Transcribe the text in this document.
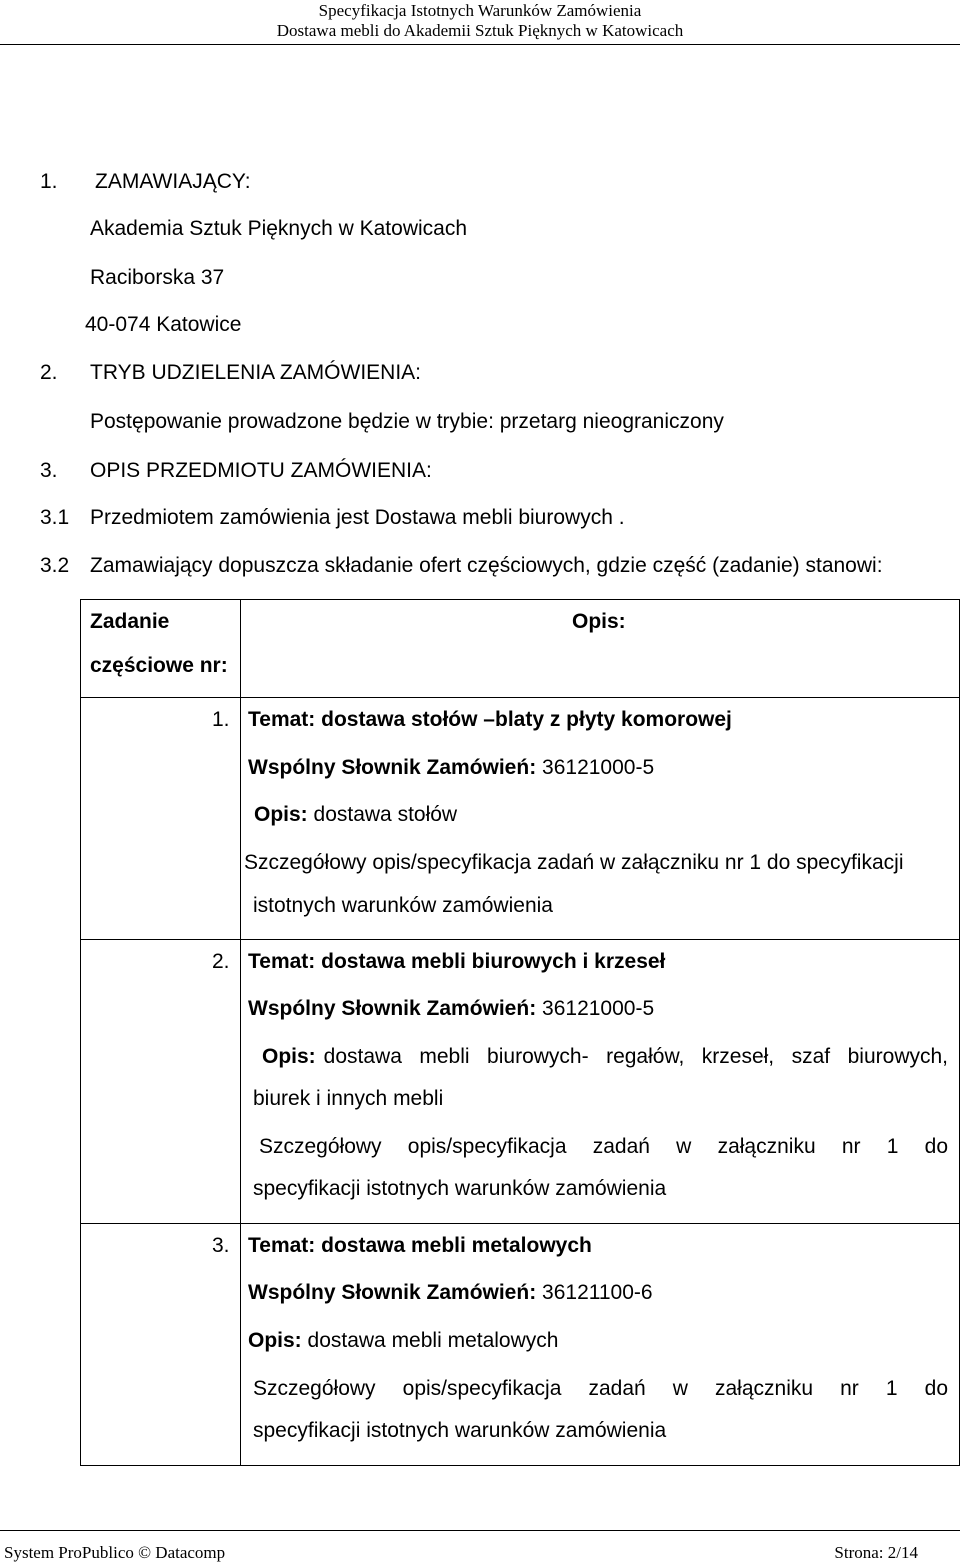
Specyfikacja Istotnych Warunków Zamówienia
Dostawa mebli do Akademii Sztuk Pięknych w Katowicach
1. ZAMAWIAJĄCY:
Akademia Sztuk Pięknych w Katowicach
Raciborska 37
40-074 Katowice
2. TRYB UDZIELENIA ZAMÓWIENIA:
Postępowanie prowadzone będzie w trybie: przetarg nieograniczony
3. OPIS PRZEDMIOTU ZAMÓWIENIA:
3.1 Przedmiotem zamówienia jest Dostawa mebli biurowych .
3.2 Zamawiający dopuszcza składanie ofert częściowych, gdzie część (zadanie) stanowi:
Zadanie
częściowe nr:
Opis:
1. Temat: dostawa stołów –blaty z płyty komorowej
Wspólny Słownik Zamówień: 36121000-5
Opis: dostawa stołów
Szczegółowy opis/specyfikacja zadań w załączniku nr 1 do specyfikacji
istotnych warunków zamówienia
2. Temat: dostawa mebli biurowych i krzeseł
Wspólny Słownik Zamówień: 36121000-5
Opis: dostawa mebli biurowych- regałów, krzeseł, szaf biurowych,
biurek i innych mebli
Szczegółowy opis/specyfikacja zadań w załączniku nr 1 do
specyfikacji istotnych warunków zamówienia
3. Temat: dostawa mebli metalowych
Wspólny Słownik Zamówień: 36121100-6
Opis: dostawa mebli metalowych
Szczegółowy opis/specyfikacja zadań w załączniku nr 1 do
specyfikacji istotnych warunków zamówienia
System ProPublico © Datacomp	Strona: 2/14
